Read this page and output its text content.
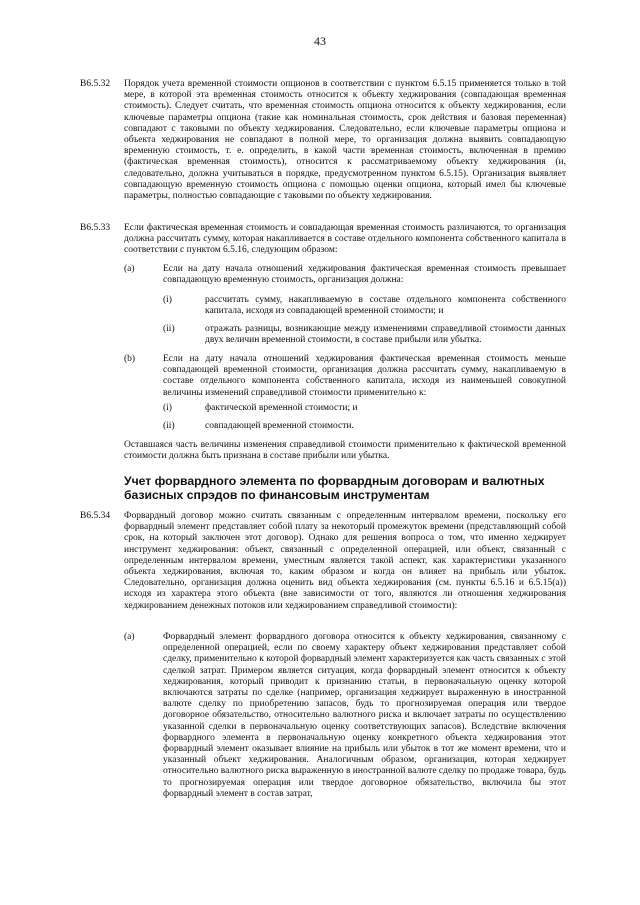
43
B6.5.32 Порядок учета временной стоимости опционов в соответствии с пунктом 6.5.15 применяется только в той мере, в которой эта временная стоимость относится к объекту хеджирования (совпадающая временная стоимость). Следует считать, что временная стоимость опциона относится к объекту хеджирования, если ключевые параметры опциона (такие как номинальная стоимость, срок действия и базовая переменная) совпадают с таковыми по объекту хеджирования. Следовательно, если ключевые параметры опциона и объекта хеджирования не совпадают в полной мере, то организация должна выявить совпадающую временную стоимость, т. е. определить, в какой части временная стоимость, включенная в премию (фактическая временная стоимость), относится к рассматриваемому объекту хеджирования (и, следовательно, должна учитываться в порядке, предусмотренном пунктом 6.5.15). Организация выявляет совпадающую временную стоимость опциона с помощью оценки опциона, который имел бы ключевые параметры, полностью совпадающие с таковыми по объекту хеджирования.
B6.5.33 Если фактическая временная стоимость и совпадающая временная стоимость различаются, то организация должна рассчитать сумму, которая накапливается в составе отдельного компонента собственного капитала в соответствии с пунктом 6.5.16, следующим образом:
(a)	Если на дату начала отношений хеджирования фактическая временная стоимость превышает совпадающую временную стоимость, организация должна:
(i)	рассчитать сумму, накапливаемую в составе отдельного компонента собственного капитала, исходя из совпадающей временной стоимости; и
(ii)	отражать разницы, возникающие между изменениями справедливой стоимости данных двух величин временной стоимости, в составе прибыли или убытка.
(b)	Если на дату начала отношений хеджирования фактическая временная стоимость меньше совпадающей временной стоимости, организация должна рассчитать сумму, накапливаемую в составе отдельного компонента собственного капитала, исходя из наименьшей совокупной величины изменений справедливой стоимости применительно к:
(i)	фактической временной стоимости; и
(ii)	совпадающей временной стоимости.
Оставшаяся часть величины изменения справедливой стоимости применительно к фактической временной стоимости должна быть признана в составе прибыли или убытка.
Учет форвардного элемента по форвардным договорам и валютных
базисных спрэдов по финансовым инструментам
B6.5.34 Форвардный договор можно считать связанным с определенным интервалом времени, поскольку его форвардный элемент представляет собой плату за некоторый промежуток времени (представляющий собой срок, на который заключен этот договор). Однако для решения вопроса о том, что именно хеджирует инструмент хеджирования: объект, связанный с определенной операцией, или объект, связанный с определенным интервалом времени, уместным является такой аспект, как характеристики указанного объекта хеджирования, включая то, каким образом и когда он влияет на прибыль или убыток. Следовательно, организация должна оценить вид объекта хеджирования (см. пункты 6.5.16 и 6.5.15(a)) исходя из характера этого объекта (вне зависимости от того, являются ли отношения хеджирования хеджированием денежных потоков или хеджированием справедливой стоимости):
(a)	Форвардный элемент форвардного договора относится к объекту хеджирования, связанному с определенной операцией, если по своему характеру объект хеджирования представляет собой сделку, применительно к которой форвардный элемент характеризуется как часть связанных с этой сделкой затрат. Примером является ситуация, когда форвардный элемент относится к объекту хеджирования, который приводит к признанию статьи, в первоначальную оценку которой включаются затраты по сделке (например, организация хеджирует выраженную в иностранной валюте сделку по приобретению запасов, будь то прогнозируемая операция или твердое договорное обязательство, относительно валютного риска и включает затраты по осуществлению указанной сделки в первоначальную оценку соответствующих запасов). Вследствие включения форвардного элемента в первоначальную оценку конкретного объекта хеджирования этот форвардный элемент оказывает влияние на прибыль или убыток в тот же момент времени, что и указанный объект хеджирования. Аналогичным образом, организация, которая хеджирует относительно валютного риска выраженную в иностранной валюте сделку по продаже товара, будь то прогнозируемая операция или твердое договорное обязательство, включила бы этот форвардный элемент в состав затрат,
